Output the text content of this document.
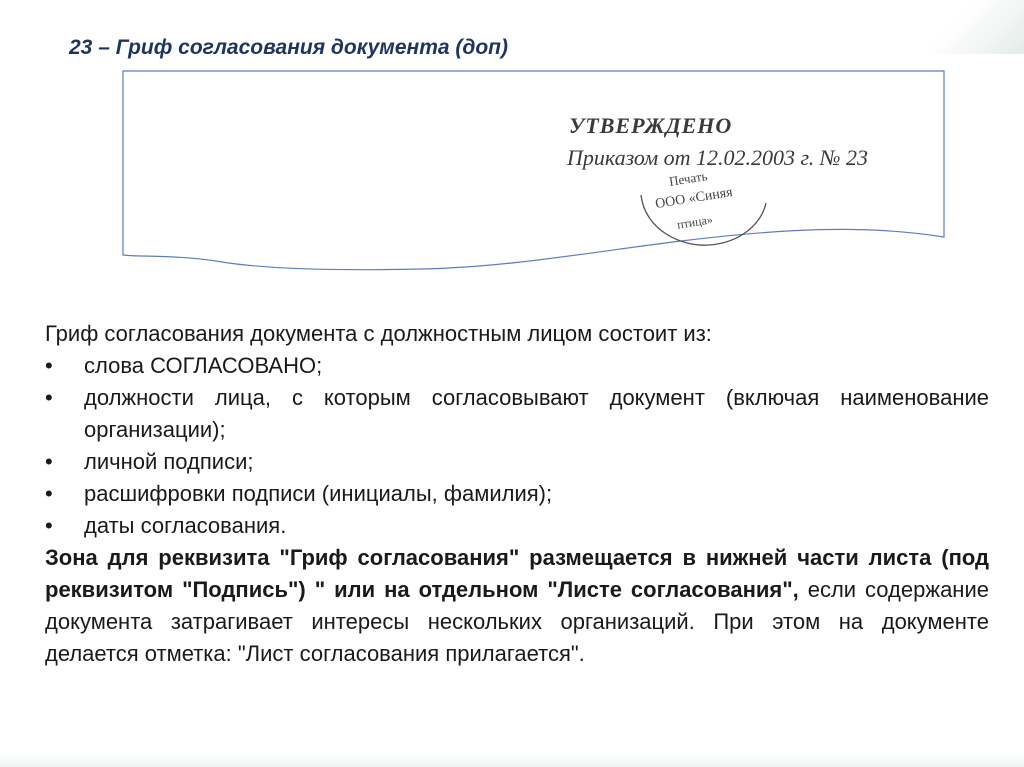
23 – Гриф согласования документа (доп)
УТВЕРЖДЕНО
Приказом от 12.02.2003 г. № 23
Печать
ООО «Синяя
птица»

Гриф согласования документа с должностным лицом состоит из:

• слова СОГЛАСОВАНО;
• должности лица, с которым согласовывают документ (включая наименование организации);
• личной подписи;
• расшифровки подписи (инициалы, фамилия);
• даты согласования.

Зона для реквизита "Гриф согласования" размещается в нижней части листа (под реквизитом "Подпись") " или на отдельном "Листе согласования", если содержание документа затрагивает интересы нескольких организаций. При этом на документе делается отметка: "Лист согласования прилагается".
